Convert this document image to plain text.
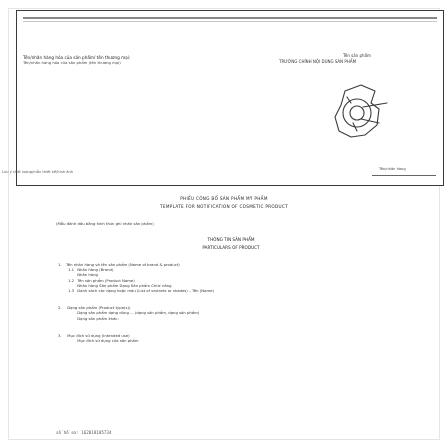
Tên/nhãn hàng hóa của sản phẩm/ tên thương mại:
Tên/nhãn hàng hóa của sản phẩm (tên thương mại)
Tên sản phẩm
TRƯỜNG CHÍNH NỘI DUNG SẢN PHẨM
Tên/nhãn hàng
Lưu ý chất lượng/mẫu thiết kế/hình ảnh
PHIẾU CÔNG BỐ SẢN PHẨM MỸ PHẨM
TEMPLATE FOR NOTIFICATION OF COSMETIC PRODUCT
(Mẫu đánh dấu bằng hình thức ghi nhãn sản phẩm)
THÔNG TIN SẢN PHẨM
PARTICULARS OF PRODUCT
1. Tên nhãn hàng và tên sản phẩm (Name of brand & product)
1.1 Nhãn hàng (Brand)
Nhãn hàng
1.2 Tên sản phẩm (Product Name)
Nhãn hàng Sản phẩm Dạng Sản phẩm Chức năng
1.3 Danh sách các dạng hoặc màu (List of variants or shades) – Tên (Name)
2. Dạng sản phẩm (Product type(s))
Dạng sản phẩm dạng dùng ... (dạng sản phẩm, dạng sản phẩm)
Dạng sản phẩm khác:
3. Mục đích sử dụng (Intended use)
Mục đích sử dụng của sản phẩm
số hồ sơ: 162018105734
